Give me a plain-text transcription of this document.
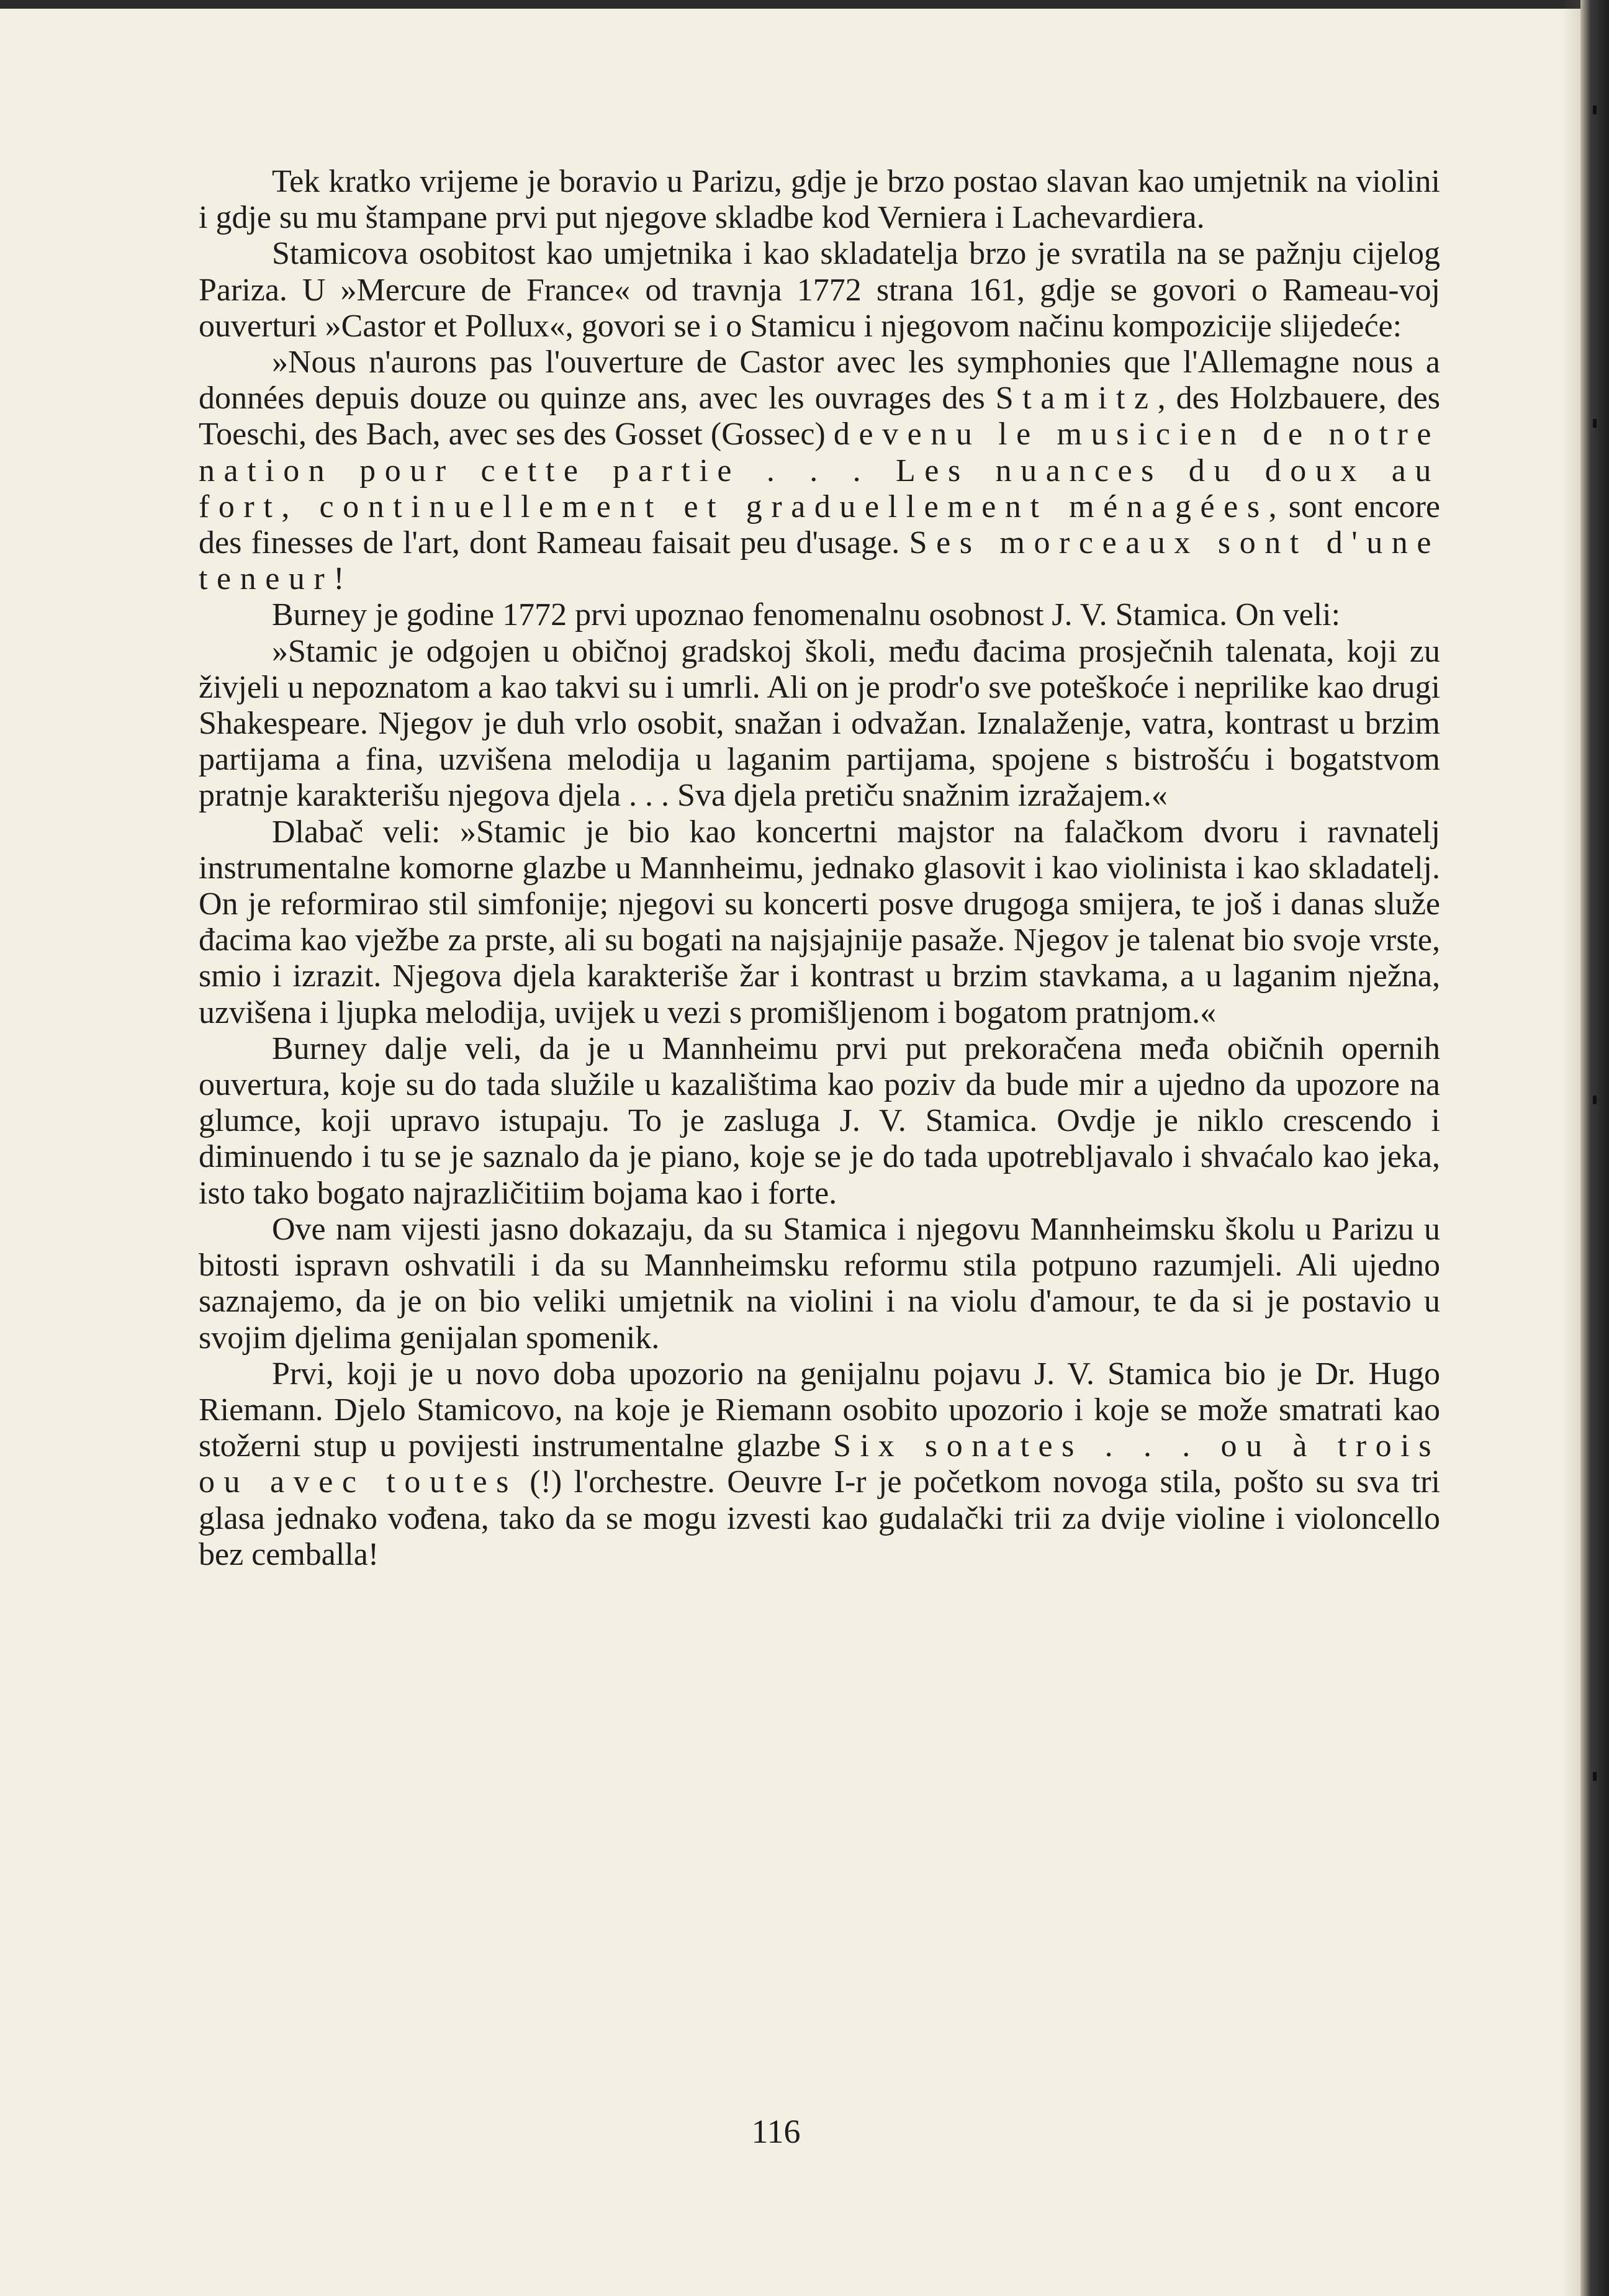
Tek kratko vrijeme je boravio u Parizu, gdje je brzo postao slavan kao umjetnik na violini i gdje su mu štampane prvi put njegove skladbe kod Verniera i Lachevardiera.

Stamicova osobitost kao umjetnika i kao skladatelja brzo je svratila na se pažnju cijelog Pariza. U »Mercure de France« od travnja 1772 strana 161, gdje se govori o Rameau-voj ouverturi »Castor et Pollux«, govori se i o Stamicu i njegovom načinu kompozicije slijedeće:

»Nous n'aurons pas l'ouverture de Castor avec les symphonies que l'Allemagne nous a données depuis douze ou quinze ans, avec les ouvrages des Stamitz, des Holzbauere, des Toeschi, des Bach, avec ses des Gosset (Gossec) devenu le musicien de notre nation pour cette partie . . . Les nuances du doux au fort, continuellement et graduellement ménagées, sont encore des finesses de l'art, dont Rameau faisait peu d'usage. Ses morceaux sont d'une teneur!

Burney je godine 1772 prvi upoznao fenomenalnu osobnost J. V. Stamica. On veli:

»Stamic je odgojen u običnoj gradskoj školi, među đacima prosječnih talenata, koji zu živjeli u nepoznatom a kao takvi su i umrli. Ali on je prodr'o sve poteškoće i neprilike kao drugi Shakespeare. Njegov je duh vrlo osobit, snažan i odvažan. Iznalaženje, vatra, kontrast u brzim partijama a fina, uzvišena melodija u laganim partijama, spojene s bistrošću i bogatstvom pratnje karakterišu njegova djela . . . Sva djela pretiču snažnim izražajem.«

Dlabač veli: »Stamic je bio kao koncertni majstor na falačkom dvoru i ravnatelj instrumentalne komorne glazbe u Mannheimu, jednako glasovit i kao violinista i kao skladatelj. On je reformirao stil simfonije; njegovi su koncerti posve drugoga smijera, te još i danas služe đacima kao vježbe za prste, ali su bogati na najsjajnije pasaže. Njegov je talenat bio svoje vrste, smio i izrazit. Njegova djela karakteriše žar i kontrast u brzim stavkama, a u laganim nježna, uzvišena i ljupka melodija, uvijek u vezi s promišljenom i bogatom pratnjom.«

Burney dalje veli, da je u Mannheimu prvi put prekoračena međa običnih opernih ouvertura, koje su do tada služile u kazalištima kao poziv da bude mir a ujedno da upozore na glumce, koji upravo istupaju. To je zasluga J. V. Stamica. Ovdje je niklo crescendo i diminuendo i tu se je saznalo da je piano, koje se je do tada upotrebljavalo i shvaćalo kao jeka, isto tako bogato najrazličitiim bojama kao i forte.

Ove nam vijesti jasno dokazaju, da su Stamica i njegovu Mannheimsku školu u Parizu u bitosti ispravn oshvatili i da su Mannheimsku reformu stila potpuno razumjeli. Ali ujedno saznajemo, da je on bio veliki umjetnik na violini i na violu d'amour, te da si je postavio u svojim djelima genijalan spomenik.

Prvi, koji je u novo doba upozorio na genijalnu pojavu J. V. Stamica bio je Dr. Hugo Riemann. Djelo Stamicovo, na koje je Riemann osobito upozorio i koje se može smatrati kao stožerni stup u povijesti instrumentalne glazbe Six sonates . . . ou à trois ou avec toutes (!) l'orchestre. Oeuvre I-r je početkom novoga stila, pošto su sva tri glasa jednako vođena, tako da se mogu izvesti kao gudalački trii za dvije violine i violoncello bez cemballa!

116
